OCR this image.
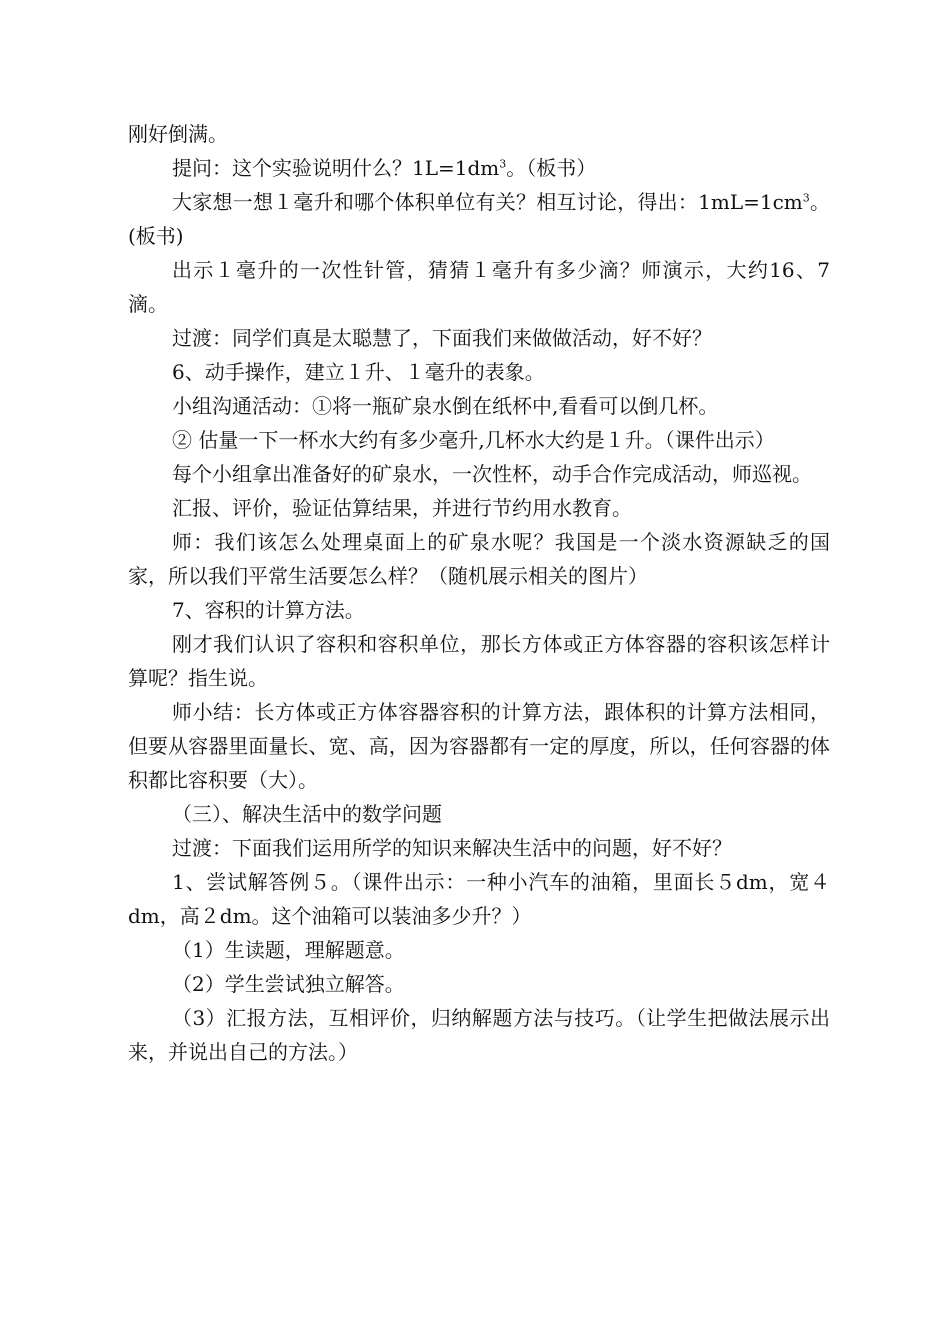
刚好倒满。

提问：这个实验说明什么？$1L=1dm^3$。（板书）

大家想一想１毫升和哪个体积单位有关？相互讨论，得出：$1mL=1cm^3$。(板书)

出示１毫升的一次性针管，猜猜１毫升有多少滴？师演示，大约16、7滴。

过渡：同学们真是太聪慧了，下面我们来做做活动，好不好？

6、动手操作，建立１升、１毫升的表象。

小组沟通活动：①将一瓶矿泉水倒在纸杯中,看看可以倒几杯。

② 估量一下一杯水大约有多少毫升,几杯水大约是１升。（课件出示）

每个小组拿出准备好的矿泉水，一次性杯，动手合作完成活动，师巡视。

汇报、评价，验证估算结果，并进行节约用水教育。

师：我们该怎么处理桌面上的矿泉水呢？我国是一个淡水资源缺乏的国家，所以我们平常生活要怎么样？（随机展示相关的图片）

7、容积的计算方法。

刚才我们认识了容积和容积单位，那长方体或正方体容器的容积该怎样计算呢？指生说。

师小结：长方体或正方体容器容积的计算方法，跟体积的计算方法相同，但要从容器里面量长、宽、高，因为容器都有一定的厚度，所以，任何容器的体积都比容积要（大）。

（三）、解决生活中的数学问题

过渡：下面我们运用所学的知识来解决生活中的问题，好不好？

1、尝试解答例５。（课件出示：一种小汽车的油箱，里面长５dm，宽４dm，高２dm。这个油箱可以装油多少升？）

（1）生读题，理解题意。

（2）学生尝试独立解答。

（3）汇报方法，互相评价，归纳解题方法与技巧。（让学生把做法展示出来，并说出自己的方法。）
